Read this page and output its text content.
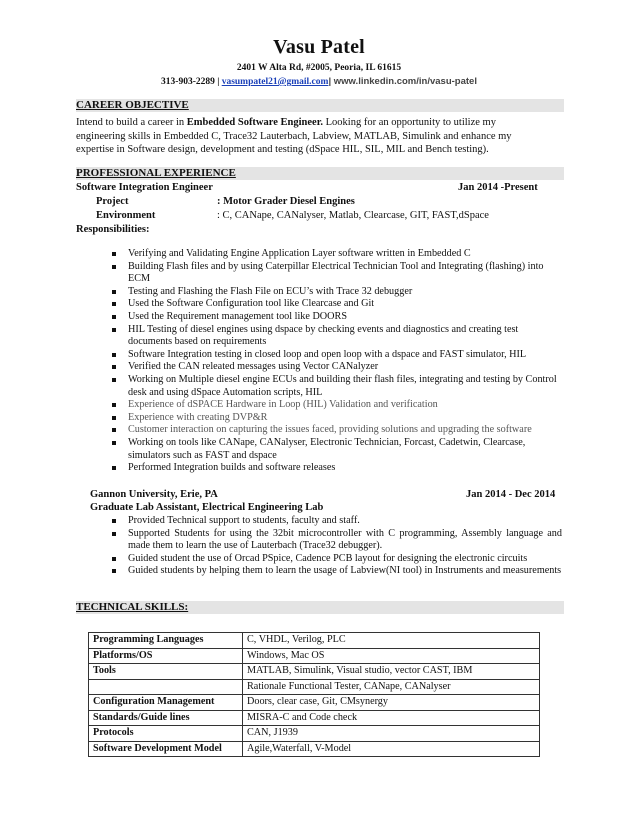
Vasu Patel
2401 W Alta Rd, #2005, Peoria, IL 61615
313-903-2289 | vasumpatel21@gmail.com| www.linkedin.com/in/vasu-patel
CAREER OBJECTIVE
Intend to build a career in Embedded Software Engineer. Looking for an opportunity to utilize my
engineering skills in Embedded C, Trace32 Lauterbach, Labview, MATLAB, Simulink and enhance my
expertise in Software design, development and testing (dSpace HIL, SIL, MIL and Bench testing).
PROFESSIONAL EXPERIENCE
Software Integration Engineer	Jan 2014 -Present
Project	: Motor Grader Diesel Engines
Environment	: C, CANape, CANalyser, Matlab, Clearcase, GIT, FAST,dSpace
Responsibilities:
Verifying and Validating Engine Application Layer software written in Embedded C
Building Flash files and by using Caterpillar Electrical Technician Tool and Integrating (flashing) into ECM
Testing and Flashing the Flash File on ECU’s with Trace 32 debugger
Used the Software Configuration tool like Clearcase and Git
Used the Requirement management tool like DOORS
HIL Testing of diesel engines using dspace by checking events and diagnostics and creating test documents based on requirements
Software Integration testing in closed loop and open loop with a dspace and FAST simulator, HIL
Verified the CAN releated messages using Vector CANalyzer
Working on Multiple diesel engine ECUs and building their flash files, integrating and testing by Control desk and using dSpace Automation scripts, HIL
Experience of dSPACE Hardware in Loop (HIL) Validation and verification
Experience with creating DVP&R
Customer interaction on capturing the issues faced, providing solutions and upgrading the software
Working on tools like CANape, CANalyser, Electronic Technician, Forcast, Cadetwin, Clearcase, simulators such as FAST and dspace
Performed Integration builds and software releases
Gannon University, Erie, PA	Jan 2014 - Dec 2014
Graduate Lab Assistant, Electrical Engineering Lab
Provided Technical support to students, faculty and staff.
Supported Students for using the 32bit microcontroller with C programming, Assembly language and made them to learn the use of Lauterbach (Trace32 debugger).
Guided student the use of Orcad PSpice, Cadence PCB layout for designing the electronic circuits
Guided students by helping them to learn the usage of Labview(NI tool) in Instruments and measurements
TECHNICAL SKILLS:
Programming Languages	C, VHDL, Verilog, PLC
Platforms/OS	Windows, Mac OS
Tools	MATLAB, Simulink, Visual studio, vector CAST, IBM
	Rationale Functional Tester, CANape, CANalyser
Configuration Management	Doors, clear case, Git, CMsynergy
Standards/Guide lines	MISRA-C and Code check
Protocols	CAN, J1939
Software Development Model	Agile,Waterfall, V-Model
